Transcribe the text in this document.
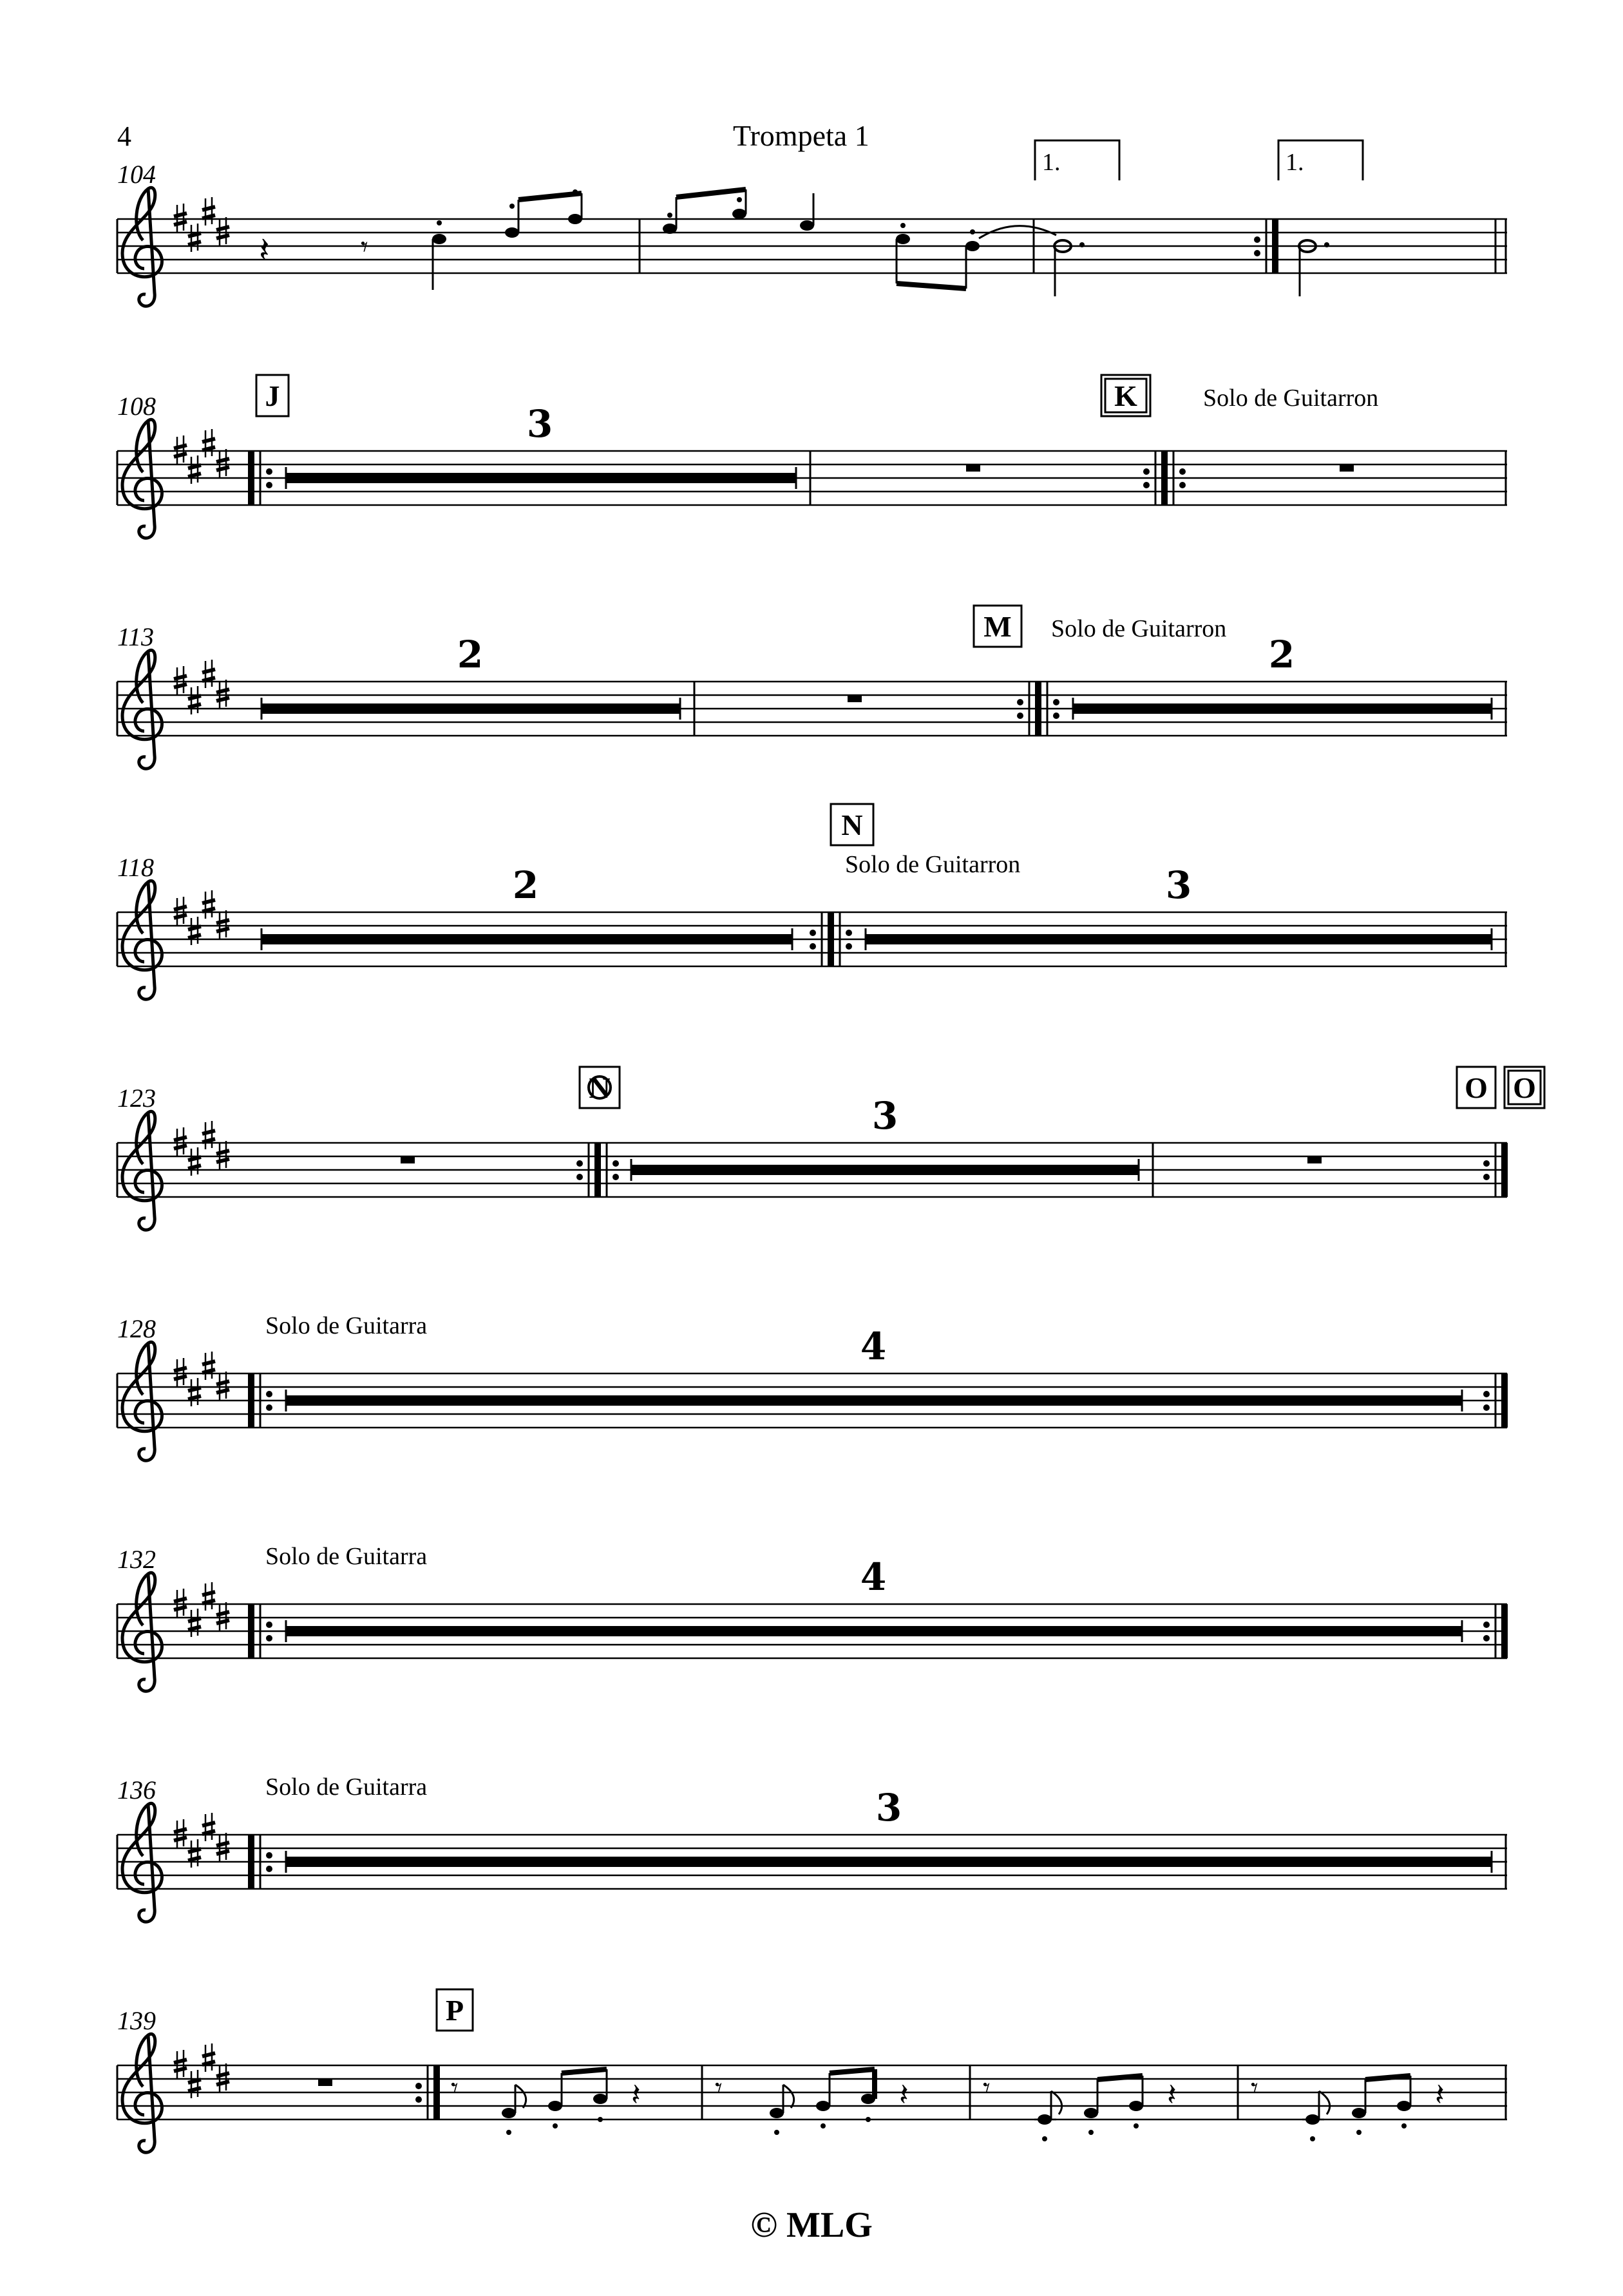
4	Trompeta 1
104
𝄽	𝄾
1.	1.
108	J
3
K	Solo de Guitarron
113	2
M Solo de Guitarron
2
118	2
N
Solo de Guitarron	3
123	N
3
O O
128	Solo de Guitarra	4
132	Solo de Guitarra	4
136	Solo de Guitarra	3
139	P
𝄾	𝄽	𝄾	𝄽	𝄾	𝄽	𝄾	𝄽
© MLG
